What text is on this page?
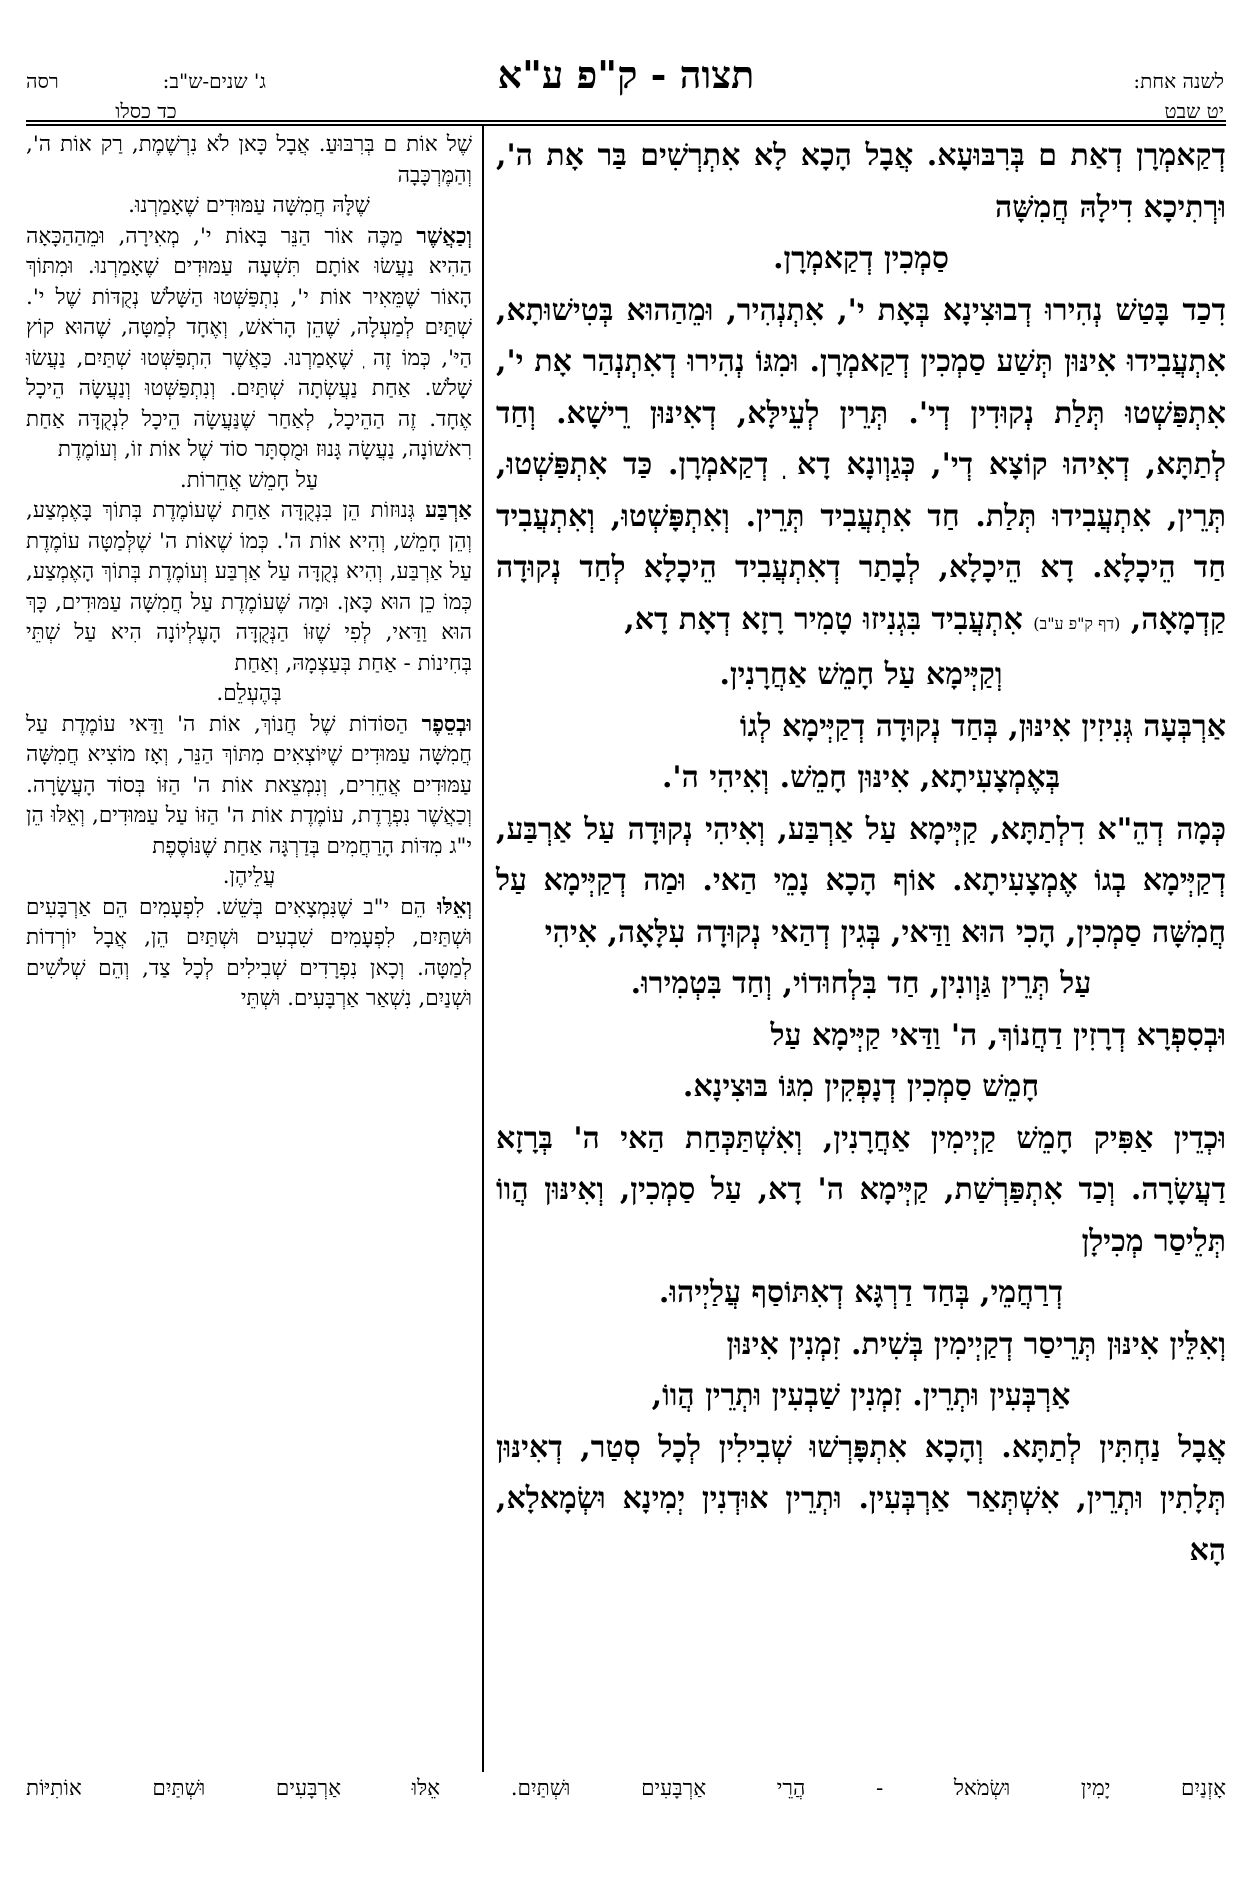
לשנה אחת:
יט שבט
תצוה - ק"פ ע"א
ג' שנים-ש"ב:
רסה
כד כסלו

דְקַאמְרָן דְאַת ם בְּרִבּוּעָא. אֲבָל הָכָא לָא אִתְרְשִׁים בַּר אָת ה', וּרְתִיכָא דִילָהּ חֲמִשָּׁה

סַמְכִין דְקַאמְרָן.

דִכַד בָּטַשׁ נְהִירוּ דְבוּצִינָא בְּאָת י', אִתְנְהִיר, וּמֵהַהוּא בְּטִישׁוּתָא, אִתְעֲבִידוּ אִינּוּן תְּשַׁע סַמְכִין דְקַאמְרָן. וּמִגּוֹ נְהִירוּ דְאִתְנְהַר אָת י', אִתְפַּשְׁטוּ תְּלַת נְקוּדִין דְי'. תְּרֵין לְעֵילָּא, דְאִינּוּן רֵישָׁא. וְחַד לְתַתָּא, דְאִיהוּ קוֹצָא דְי', כְּגַוְונָא דָא ֽ דְקַאמְרָן. כַּד אִתְפַּשְׁטוּ, תְּרֵין, אִתְעֲבִידוּ תְּלַת. חַד אִתְעֲבִיד תְּרֵין. וְאִתְפָּשְׁטוּ, וְאִתְעֲבִיד חַד הֵיכָלָא. דָא הֵיכָלָא, לְבָתַר דְאִתְעֲבִיד הֵיכָלָא לְחַד נְקוּדָה קַדְמָאָה, (דף ק"פ ע"ב) אִתְעֲבִיד בִּגְנִיזוּ טָמִיר רָזָא דְאָת דָא,

וְקַיְּימָא עַל חָמֵשׁ אַחֲרָנִין.

אַרְבְּעָה גְּנִיזִין אִינּוּן, בְּחַד נְקוּדָה דְקַיְּימָא לְגוֹ

בְּאֶמְצָעִיתָא, אִינּוּן חָמֵשׁ. וְאִיהִי ה'.

כְּמָה דְהֵ"א דִלְתַתָּא, קַיְּימָא עַל אַרְבַּע, וְאִיהִי נְקוּדָה עַל אַרְבַּע, דְקַיְּימָא בְגוֹ אֶמְצָעִיתָא. אוֹף הָכָא נָמֵי הַאי. וּמַה דְקַיְּימָא עַל חֲמִשָּׁה סַמְכִין, הָכִי הוּא וַדַּאי, בְּגִין דְהַאי נְקוּדָה עִלָּאָה, אִיהִי

עַל תְּרֵין גַּוְונִין, חַד בִּלְחוּדוֹי, וְחַד בִּטְמִירוּ.

וּבְסִפְרָא דְרָזִין דַחֲנוֹךְ, ה' וַדַּאי קַיְּימָא עַל

חָמֵשׁ סַמְכִין דְנָפְקִין מִגּוֹ בּוּצִינָא.

וּכְדֵין אַפִּיק חָמֵשׁ קַיְימִין אַחֲרָנִין, וְאִשְׁתַּכְּחַת הַאי ה' בְּרָזָא דַעֲשָׂרָה. וְכַד אִתְפַּרְשַׁת, קַיְּימָא ה' דָא, עַל סַמְכִין, וְאִינּוּן הֲווֹ תְּלֵיסַר מְכִילָן

דְרַחֲמֵי, בְּחַד דַרְגָּא דְאִתּוֹסַף עֲלַיְיהוּ.

וְאִלֵּין אִינּוּן תְּרֵיסַר דְקַיְימִין בְּשִׁית. זִמְנִין אִינּוּן

אַרְבְּעִין וּתְרֵין. זִמְנִין שַׁבְעִין וּתְרֵין הֲווֹ,

אֲבָל נַחְתִּין לְתַתָּא. וְהָכָא אִתְפָּרְשׁוּ שְׁבִילִין לְכָל סְטַר, דְאִינּוּן תְּלָתִין וּתְרֵין, אִשְׁתְּאַר אַרְבְּעִין. וּתְרֵין אוּדְנִין יְמִינָא וּשְׂמָאלָא, הָא

שֶׁל אוֹת ם בְּרִבּוּעַ. אֲבָל כָּאן לֹא נִרְשֶׁמֶת, רַק אוֹת ה', וְהַמֶּרְכָּבָה

שֶׁלָּהּ חֲמִשָּׁה עַמּוּדִים שֶׁאָמַרְנוּ.

וְכַאֲשֶׁר מַכֶּה אוֹר הַנֵּר בָּאוֹת י', מְאִירָה, וּמֵהַהַכָּאָה הַהִיא נַעֲשׂוּ אוֹתָם תִּשְׁעָה עַמּוּדִים שֶׁאָמַרְנוּ. וּמִתּוֹךְ הָאוֹר שֶׁמֵּאִיר אוֹת י', נִתְפַּשְּׁטוּ הַשָּׁלֹשׁ נְקֻדּוֹת שֶׁל י'. שְׁתַּיִם לְמַעְלָה, שֶׁהֵן הָרֹאשׁ, וְאֶחָד לְמַטָּה, שֶׁהוּא קוֹץ הַיּ', כְּמוֹ זֶה ֽ שֶׁאָמַרְנוּ. כַּאֲשֶׁר הִתְפַּשְּׁטוּ שְׁתַּיִם, נַעֲשׂוּ שָׁלֹשׁ. אַחַת נַעֲשְׂתָה שְׁתַּיִם. וְנִתְפַּשְּׁטוּ וְנַעֲשָׂה הֵיכָל אֶחָד. זֶה הַהֵיכָל, לְאַחַר שֶׁנַּעֲשָׂה הֵיכָל לִנְקֻדָּה אַחַת רִאשׁוֹנָה, נַעֲשָׂה גָּנוּז וּמֻסְתָּר סוֹד שֶׁל אוֹת זוֹ, וְעוֹמֶדֶת

עַל חָמֵשׁ אֲחֵרוֹת.

אַרְבַּע גְּנוּזוֹת הֵן בִּנְקֻדָּה אַחַת שֶׁעוֹמֶדֶת בְּתוֹךְ בָּאֶמְצַע, וְהֵן חָמֵשׁ, וְהִיא אוֹת ה'. כְּמוֹ שֶׁאוֹת ה' שֶׁלְּמַטָּה עוֹמֶדֶת עַל אַרְבַּע, וְהִיא נְקֻדָּה עַל אַרְבַּע וְעוֹמֶדֶת בְּתוֹךְ הָאֶמְצַע, כְּמוֹ כֵן הוּא כָּאן. וּמַה שֶּׁעוֹמֶדֶת עַל חֲמִשָּׁה עַמּוּדִים, כָּךְ הוּא וַדַּאי, לְפִי שֶׁזּוֹ הַנְּקֻדָּה הָעֶלְיוֹנָה הִיא עַל שְׁתֵּי בְּחִינוֹת - אַחַת בְּעַצְמָהּ, וְאַחַת

בְּהֶעְלֵם.

וּבְסֵפֶר הַסּוֹדוֹת שֶׁל חֲנוֹךְ, אוֹת ה' וַדַּאי עוֹמֶדֶת עַל חֲמִשָּׁה עַמּוּדִים שֶׁיּוֹצְאִים מִתּוֹךְ הַנֵּר, וְאָז מוֹצִיא חֲמִשָּׁה עַמּוּדִים אֲחֵרִים, וְנִמְצֵאת אוֹת ה' הַזּוֹ בְּסוֹד הָעֲשָׂרָה. וְכַאֲשֶׁר נִפְרֶדֶת, עוֹמֶדֶת אוֹת ה' הַזּוֹ עַל עַמּוּדִים, וְאֵלּוּ הֵן י"ג מִדּוֹת הָרַחֲמִים בְּדַרְגָּה אַחַת שֶׁנּוֹסֶפֶת

עֲלֵיהֶן.

וְאֵלּוּ הֵם י"ב שֶׁנִּמְצָאִים בְּשֵׁשׁ. לִפְעָמִים הֵם אַרְבָּעִים וּשְׁתַּיִם, לִפְעָמִים שִׁבְעִים וּשְׁתַּיִם הֵן, אֲבָל יוֹרְדוֹת לְמַטָּה. וְכָאן נִפְרָדִים שְׁבִילִים לְכָל צַד, וְהֵם שְׁלֹשִׁים וּשְׁנַיִם, נִשְׁאַר אַרְבָּעִים. וּשְׁתֵּי

אָזְנַיִם יָמִין וּשְׂמֹאל - הֲרֵי אַרְבָּעִים וּשְׁתַּיִם. אֵלּוּ אַרְבָּעִים וּשְׁתַּיִם אוֹתִיּוֹת
